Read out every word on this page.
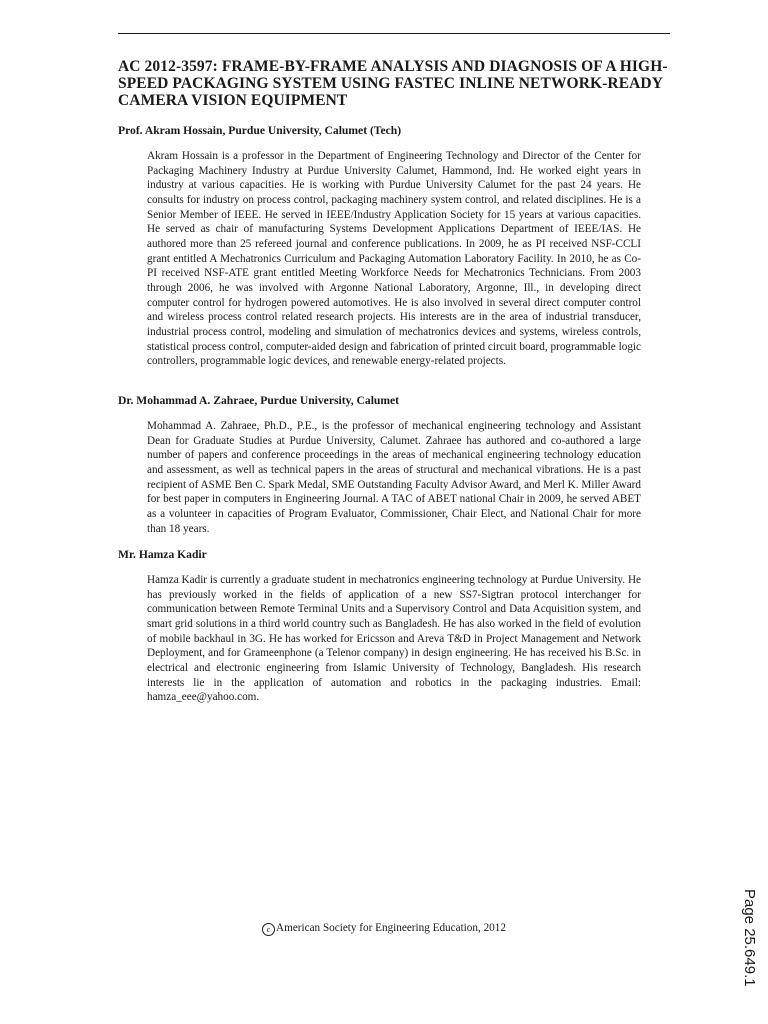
AC 2012-3597: FRAME-BY-FRAME ANALYSIS AND DIAGNOSIS OF A HIGH-SPEED PACKAGING SYSTEM USING FASTEC INLINE NETWORK-READY CAMERA VISION EQUIPMENT
Prof. Akram Hossain, Purdue University, Calumet (Tech)

Akram Hossain is a professor in the Department of Engineering Technology and Director of the Center for Packaging Machinery Industry at Purdue University Calumet, Hammond, Ind. He worked eight years in industry at various capacities. He is working with Purdue University Calumet for the past 24 years. He consults for industry on process control, packaging machinery system control, and related disciplines. He is a Senior Member of IEEE. He served in IEEE/Industry Application Society for 15 years at various capacities. He served as chair of manufacturing Systems Development Applications Department of IEEE/IAS. He authored more than 25 refereed journal and conference publications. In 2009, he as PI received NSF-CCLI grant entitled A Mechatronics Curriculum and Packaging Automation Laboratory Facility. In 2010, he as Co-PI received NSF-ATE grant entitled Meeting Workforce Needs for Mechatronics Technicians. From 2003 through 2006, he was involved with Argonne National Laboratory, Argonne, Ill., in developing direct computer control for hydrogen powered automotives. He is also involved in several direct computer control and wireless process control related research projects. His interests are in the area of industrial transducer, industrial process control, modeling and simulation of mechatronics devices and systems, wireless controls, statistical process control, computer-aided design and fabrication of printed circuit board, programmable logic controllers, programmable logic devices, and renewable energy-related projects.

Dr. Mohammad A. Zahraee, Purdue University, Calumet

Mohammad A. Zahraee, Ph.D., P.E., is the professor of mechanical engineering technology and Assistant Dean for Graduate Studies at Purdue University, Calumet. Zahraee has authored and co-authored a large number of papers and conference proceedings in the areas of mechanical engineering technology education and assessment, as well as technical papers in the areas of structural and mechanical vibrations. He is a past recipient of ASME Ben C. Spark Medal, SME Outstanding Faculty Advisor Award, and Merl K. Miller Award for best paper in computers in Engineering Journal. A TAC of ABET national Chair in 2009, he served ABET as a volunteer in capacities of Program Evaluator, Commissioner, Chair Elect, and National Chair for more than 18 years.

Mr. Hamza Kadir

Hamza Kadir is currently a graduate student in mechatronics engineering technology at Purdue University. He has previously worked in the fields of application of a new SS7-Sigtran protocol interchanger for communication between Remote Terminal Units and a Supervisory Control and Data Acquisition system, and smart grid solutions in a third world country such as Bangladesh. He has also worked in the field of evolution of mobile backhaul in 3G. He has worked for Ericsson and Areva T&D in Project Management and Network Deployment, and for Grameenphone (a Telenor company) in design engineering. He has received his B.Sc. in electrical and electronic engineering from Islamic University of Technology, Bangladesh. His research interests lie in the application of automation and robotics in the packaging industries. Email: hamza_eee@yahoo.com.

c American Society for Engineering Education, 2012	Page 25.649.1
